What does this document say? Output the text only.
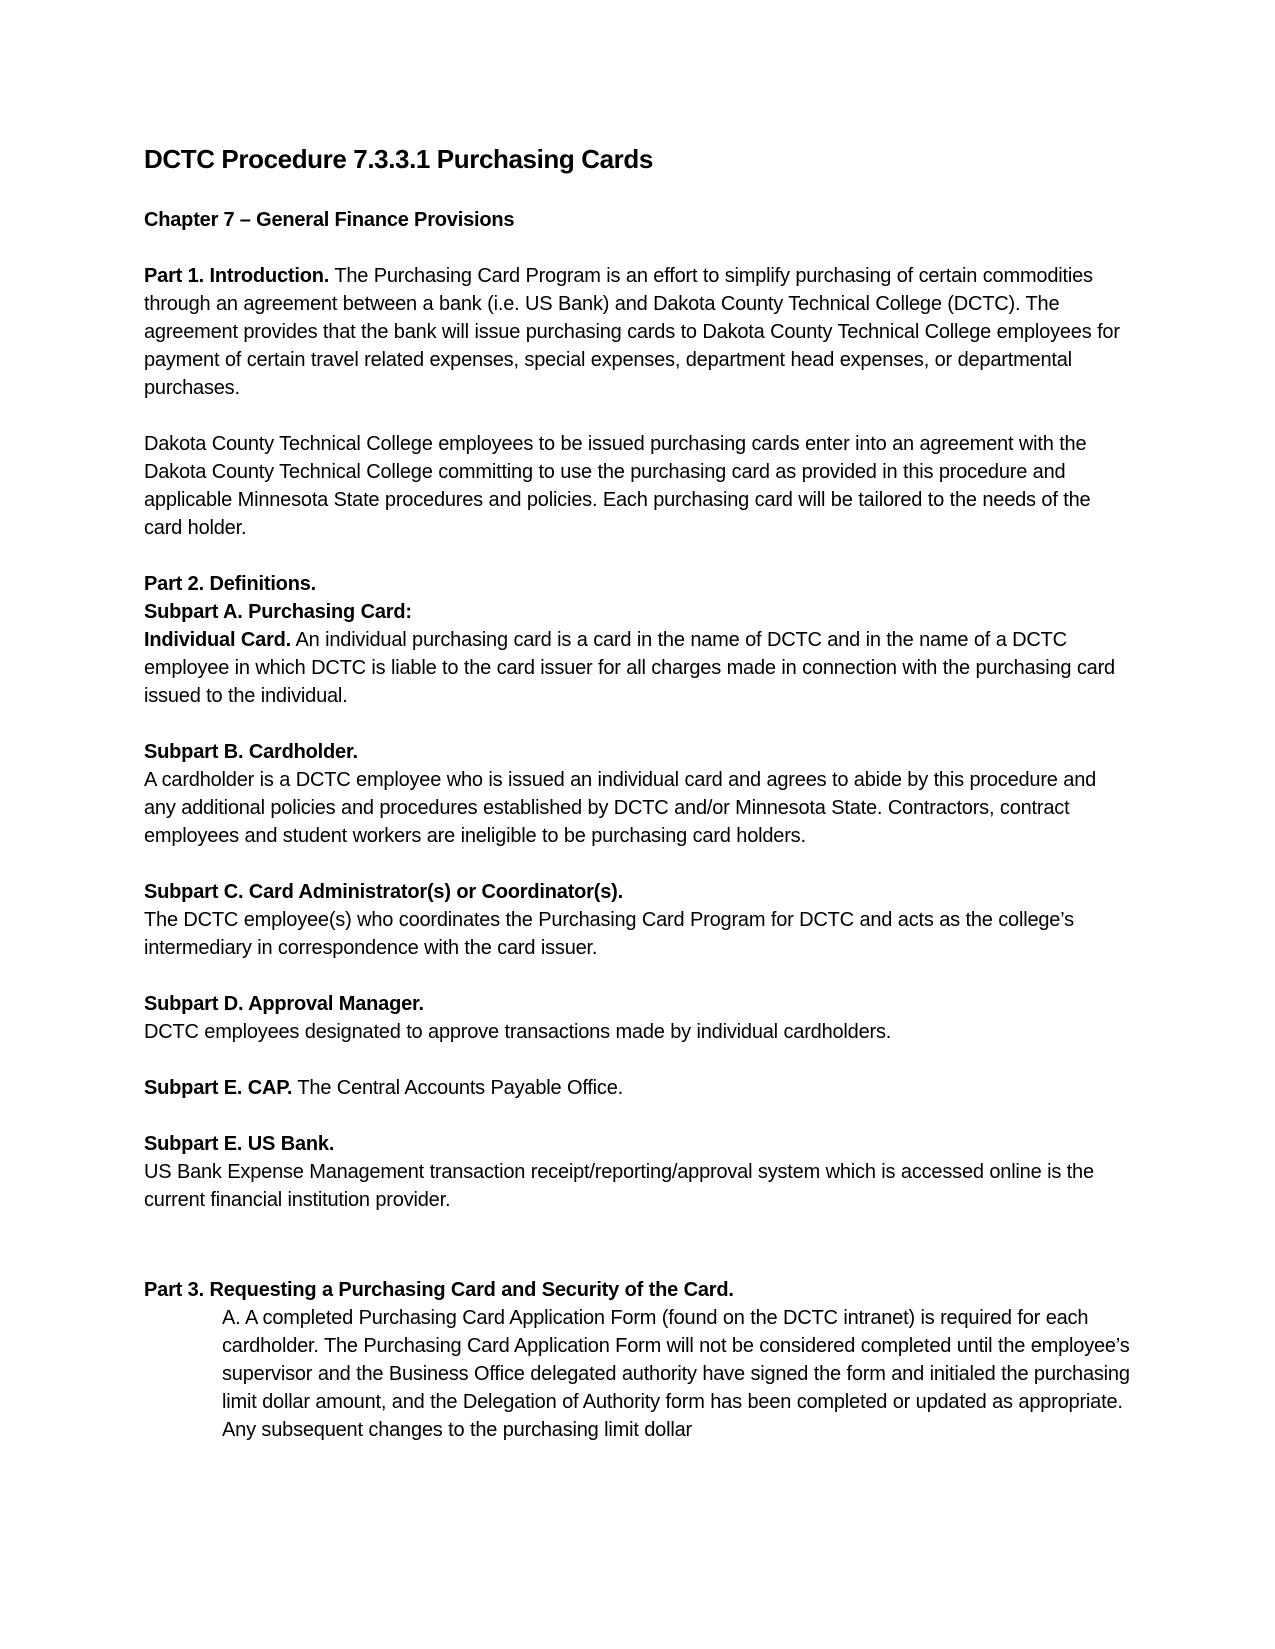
DCTC Procedure 7.3.3.1 Purchasing Cards
Chapter 7 – General Finance Provisions

Part 1. Introduction. The Purchasing Card Program is an effort to simplify purchasing of certain commodities through an agreement between a bank (i.e. US Bank) and Dakota County Technical College (DCTC). The agreement provides that the bank will issue purchasing cards to Dakota County Technical College employees for payment of certain travel related expenses, special expenses, department head expenses, or departmental purchases.

Dakota County Technical College employees to be issued purchasing cards enter into an agreement with the Dakota County Technical College committing to use the purchasing card as provided in this procedure and applicable Minnesota State procedures and policies. Each purchasing card will be tailored to the needs of the card holder.

Part 2. Definitions.
Subpart A. Purchasing Card:
Individual Card. An individual purchasing card is a card in the name of DCTC and in the name of a DCTC employee in which DCTC is liable to the card issuer for all charges made in connection with the purchasing card issued to the individual.
Subpart B. Cardholder.
A cardholder is a DCTC employee who is issued an individual card and agrees to abide by this procedure and any additional policies and procedures established by DCTC and/or Minnesota State. Contractors, contract employees and student workers are ineligible to be purchasing card holders.
Subpart C. Card Administrator(s) or Coordinator(s).
The DCTC employee(s) who coordinates the Purchasing Card Program for DCTC and acts as the college’s intermediary in correspondence with the card issuer.
Subpart D. Approval Manager.
DCTC employees designated to approve transactions made by individual cardholders.

Subpart E. CAP. The Central Accounts Payable Office.

Subpart E. US Bank.
US Bank Expense Management transaction receipt/reporting/approval system which is accessed online is the current financial institution provider.
Part 3. Requesting a Purchasing Card and Security of the Card.
A. A completed Purchasing Card Application Form (found on the DCTC intranet) is required for each cardholder. The Purchasing Card Application Form will not be considered completed until the employee’s supervisor and the Business Office delegated authority have signed the form and initialed the purchasing limit dollar amount, and the Delegation of Authority form has been completed or updated as appropriate. Any subsequent changes to the purchasing limit dollar
